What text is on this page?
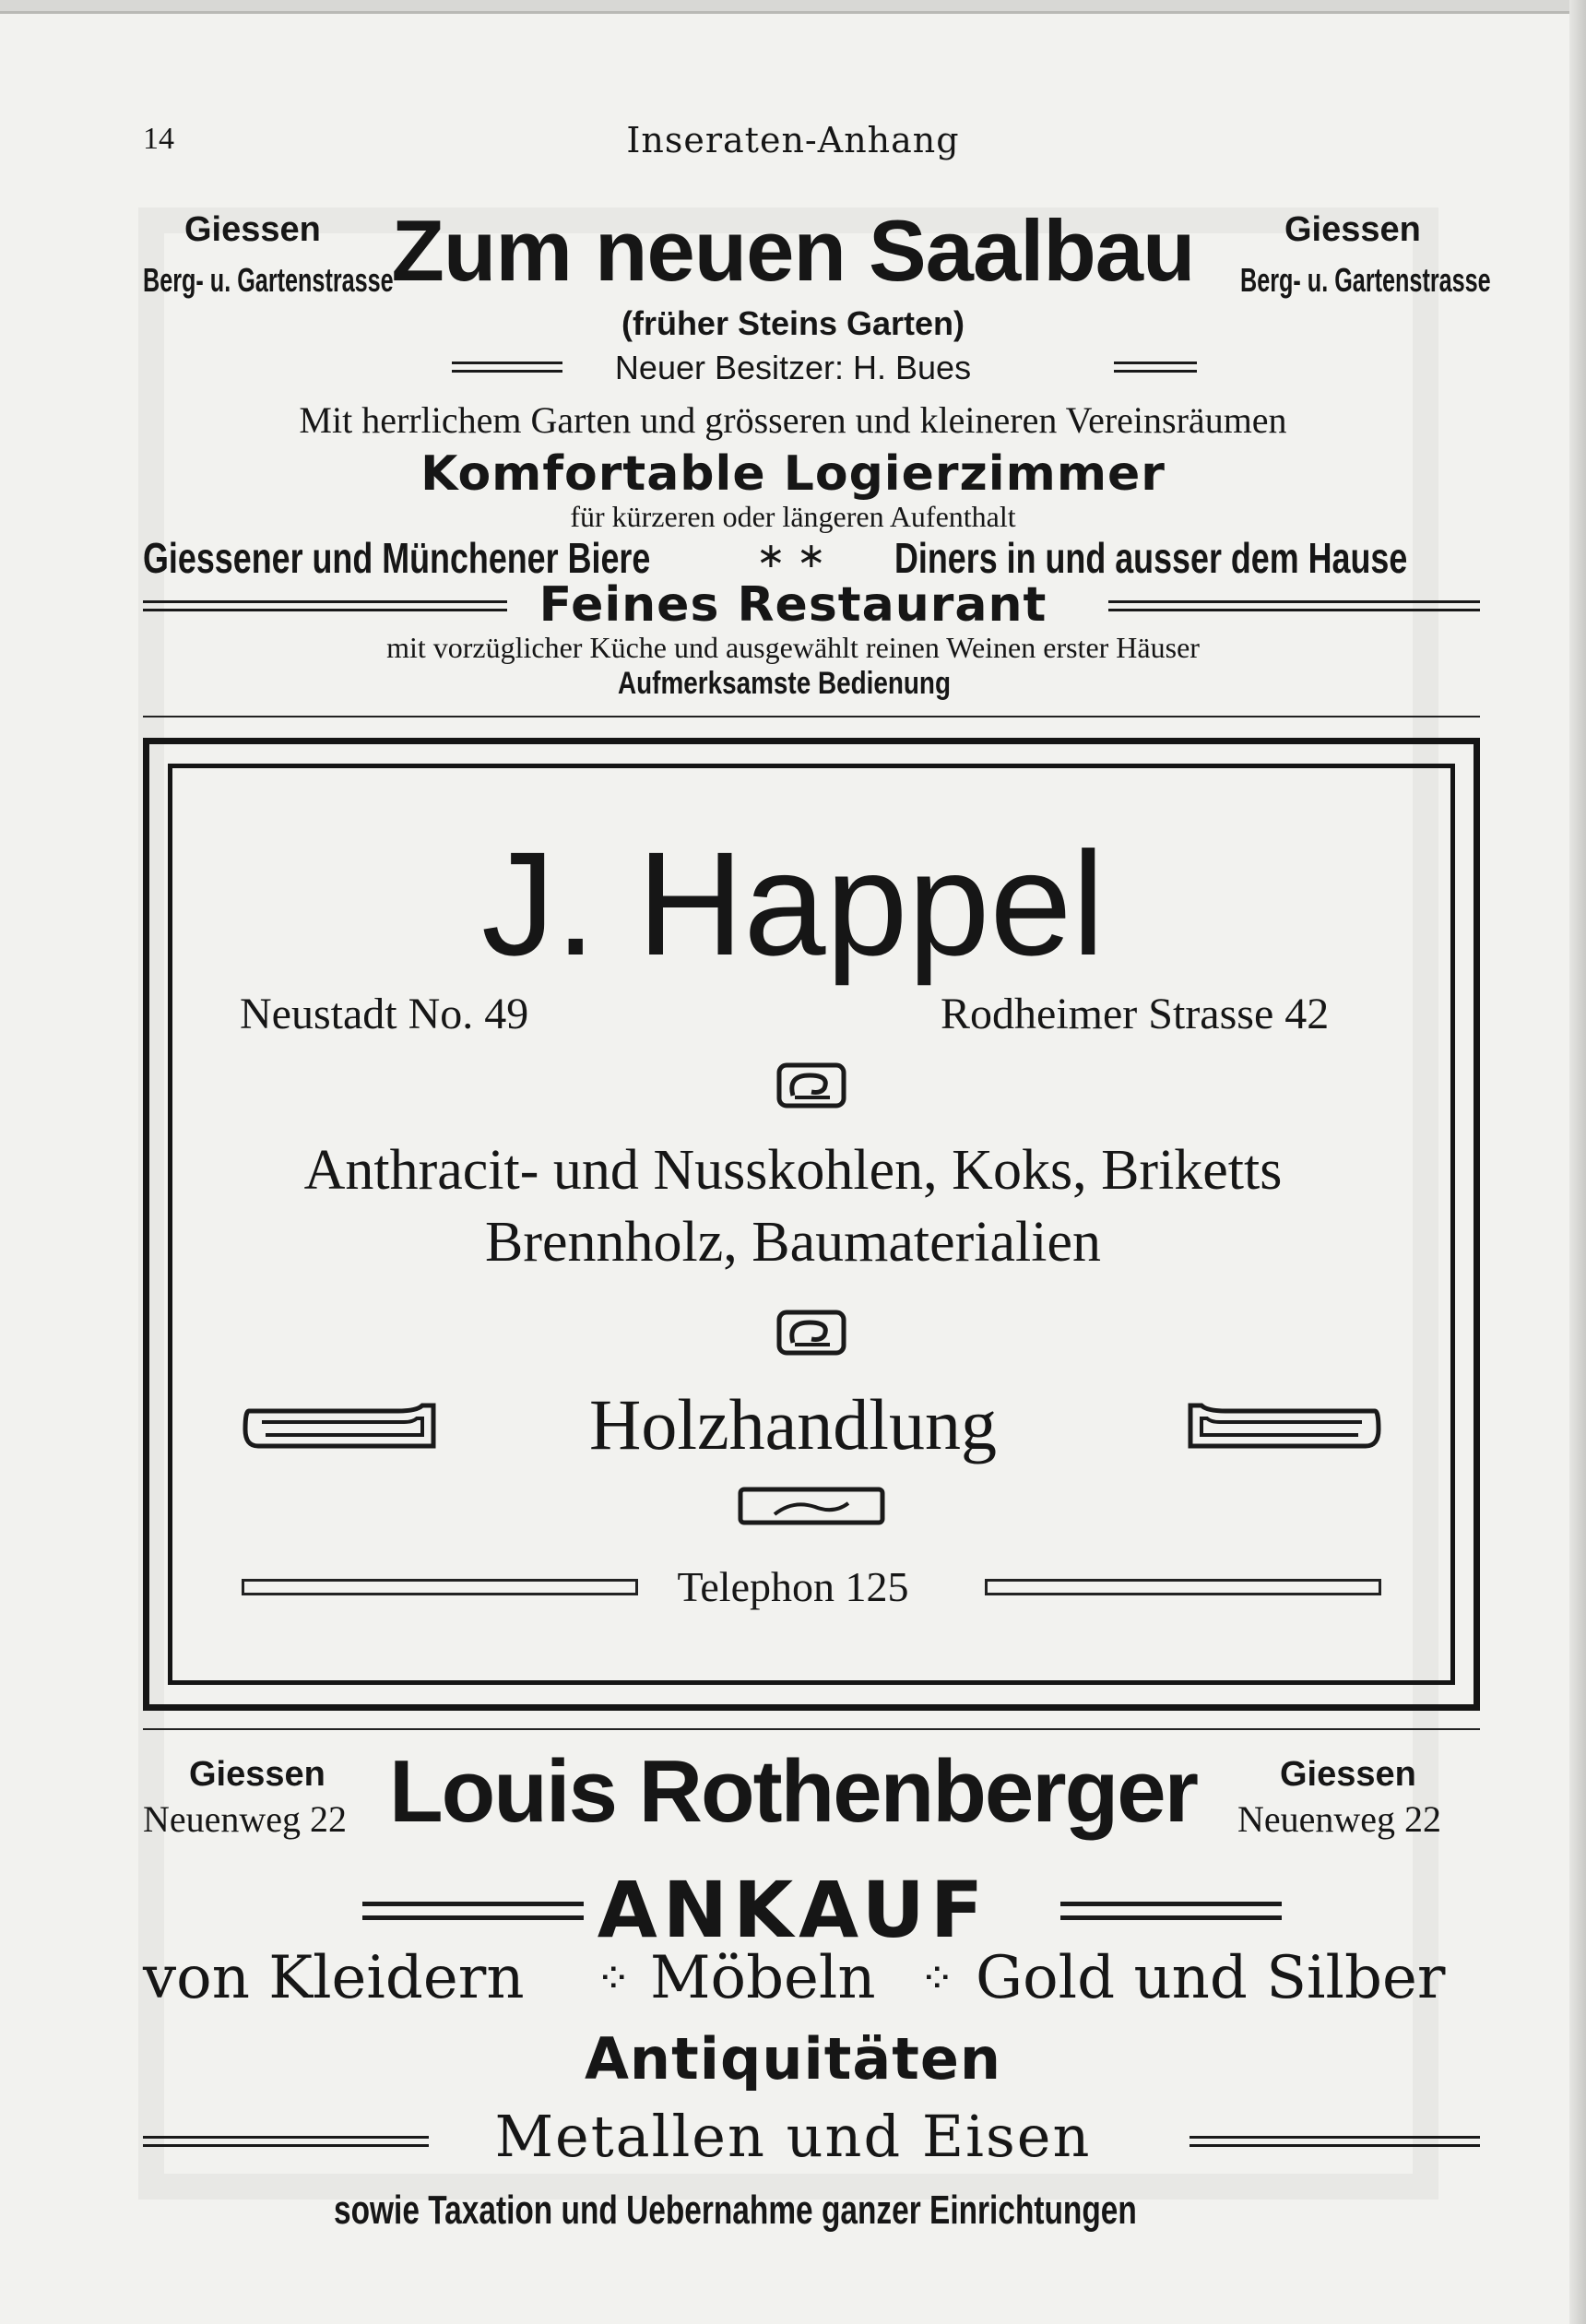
14	Inseraten-Anhang
Giessen
Berg- u. Gartenstrasse
Zum neuen Saalbau	Giessen
Berg- u. Gartenstrasse
(früher Steins Garten)
Neuer Besitzer: H. Bues
Mit herrlichem Garten und grösseren und kleineren Vereinsräumen
Komfortable Logierzimmer
für kürzeren oder längeren Aufenthalt
Giessener und Münchener Biere	∗ ∗ Diners in und ausser dem Hause
Feines Restaurant
mit vorzüglicher Küche und ausgewählt reinen Weinen erster Häuser
Aufmerksamste Bedienung
J. Happel
Neustadt No. 49	Rodheimer Strasse 42
Anthracit- und Nusskohlen, Koks, Briketts
Brennholz, Baumaterialien
Holzhandlung
Telephon 125
Giessen
Neuenweg 22 Louis Rothenberger	Giessen
Neuenweg 22
ANKAUF
von Kleidern ⁘ Möbeln ⁘ Gold und Silber
Antiquitäten
Metallen und Eisen
sowie Taxation und Uebernahme ganzer Einrichtungen
